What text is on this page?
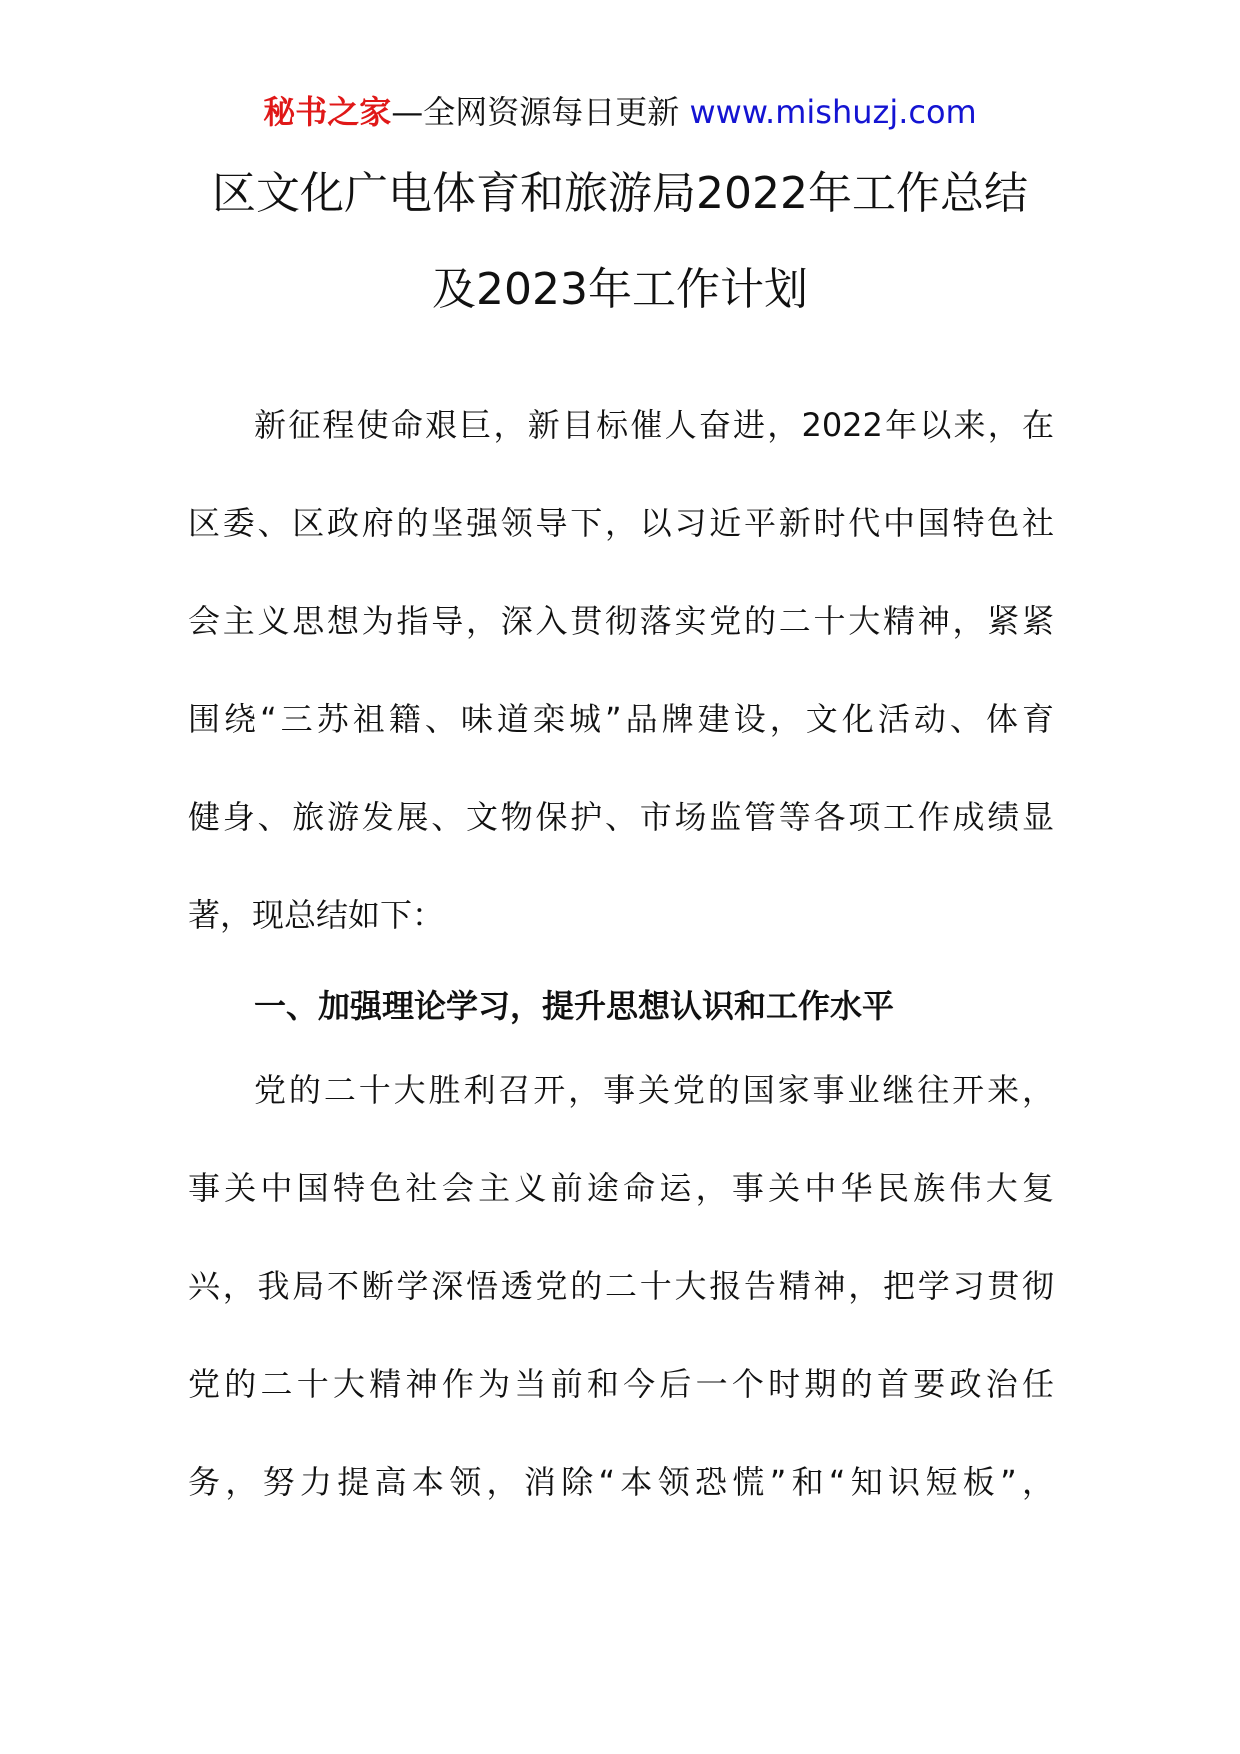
秘书之家—全网资源每日更新 www.mishuzj.com
区文化广电体育和旅游局2022年工作总结
及2023年工作计划
新征程使命艰巨，新目标催人奋进，2022年以来，在
区委、区政府的坚强领导下，以习近平新时代中国特色社
会主义思想为指导，深入贯彻落实党的二十大精神，紧紧
围绕“三苏祖籍、味道栾城”品牌建设，文化活动、体育
健身、旅游发展、文物保护、市场监管等各项工作成绩显
著，现总结如下：
一、加强理论学习，提升思想认识和工作水平
党的二十大胜利召开，事关党的国家事业继往开来，
事关中国特色社会主义前途命运，事关中华民族伟大复
兴，我局不断学深悟透党的二十大报告精神，把学习贯彻
党的二十大精神作为当前和今后一个时期的首要政治任
务，努力提高本领，消除“本领恐慌”和“知识短板”，
